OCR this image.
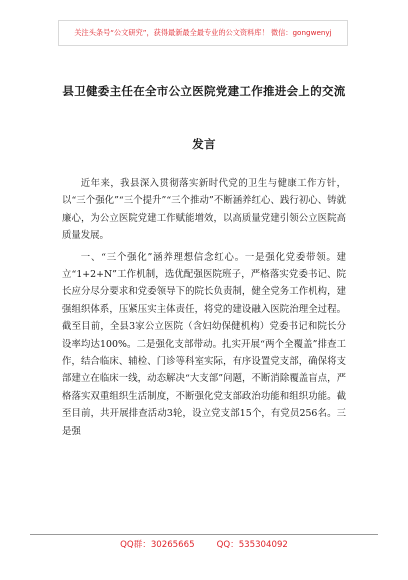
关注头条号“公文研究”，获得最新最全最专业的公文资料库！ 微信：gongwenyj
县卫健委主任在全市公立医院党建工作推进会上的交流发言

近年来，我县深入贯彻落实新时代党的卫生与健康工作方针，以“三个强化”“三个提升”“三个推动”不断涵养红心、践行初心、铸就廉心，为公立医院党建工作赋能增效，以高质量党建引领公立医院高质量发展。

一、“三个强化”涵养理想信念红心。一是强化党委带领。建立“1+2+N”工作机制，选优配强医院班子，严格落实党委书记、院长应分尽分要求和党委领导下的院长负责制，健全党务工作机构，建强组织体系，压紧压实主体责任，将党的建设融入医院治理全过程。截至目前，全县3家公立医院（含妇幼保健机构）党委书记和院长分设率均达100%。二是强化支部带动。扎实开展“两个全覆盖”排查工作，结合临床、辅检、门诊等科室实际，有序设置党支部，确保将支部建立在临床一线，动态解决“大支部”问题，不断消除覆盖盲点，严格落实双重组织生活制度，不断强化党支部政治功能和组织功能。截至目前，共开展排查活动3轮，设立党支部15个，有党员256名。三是强

QQ群：30265665	QQ：535304092
